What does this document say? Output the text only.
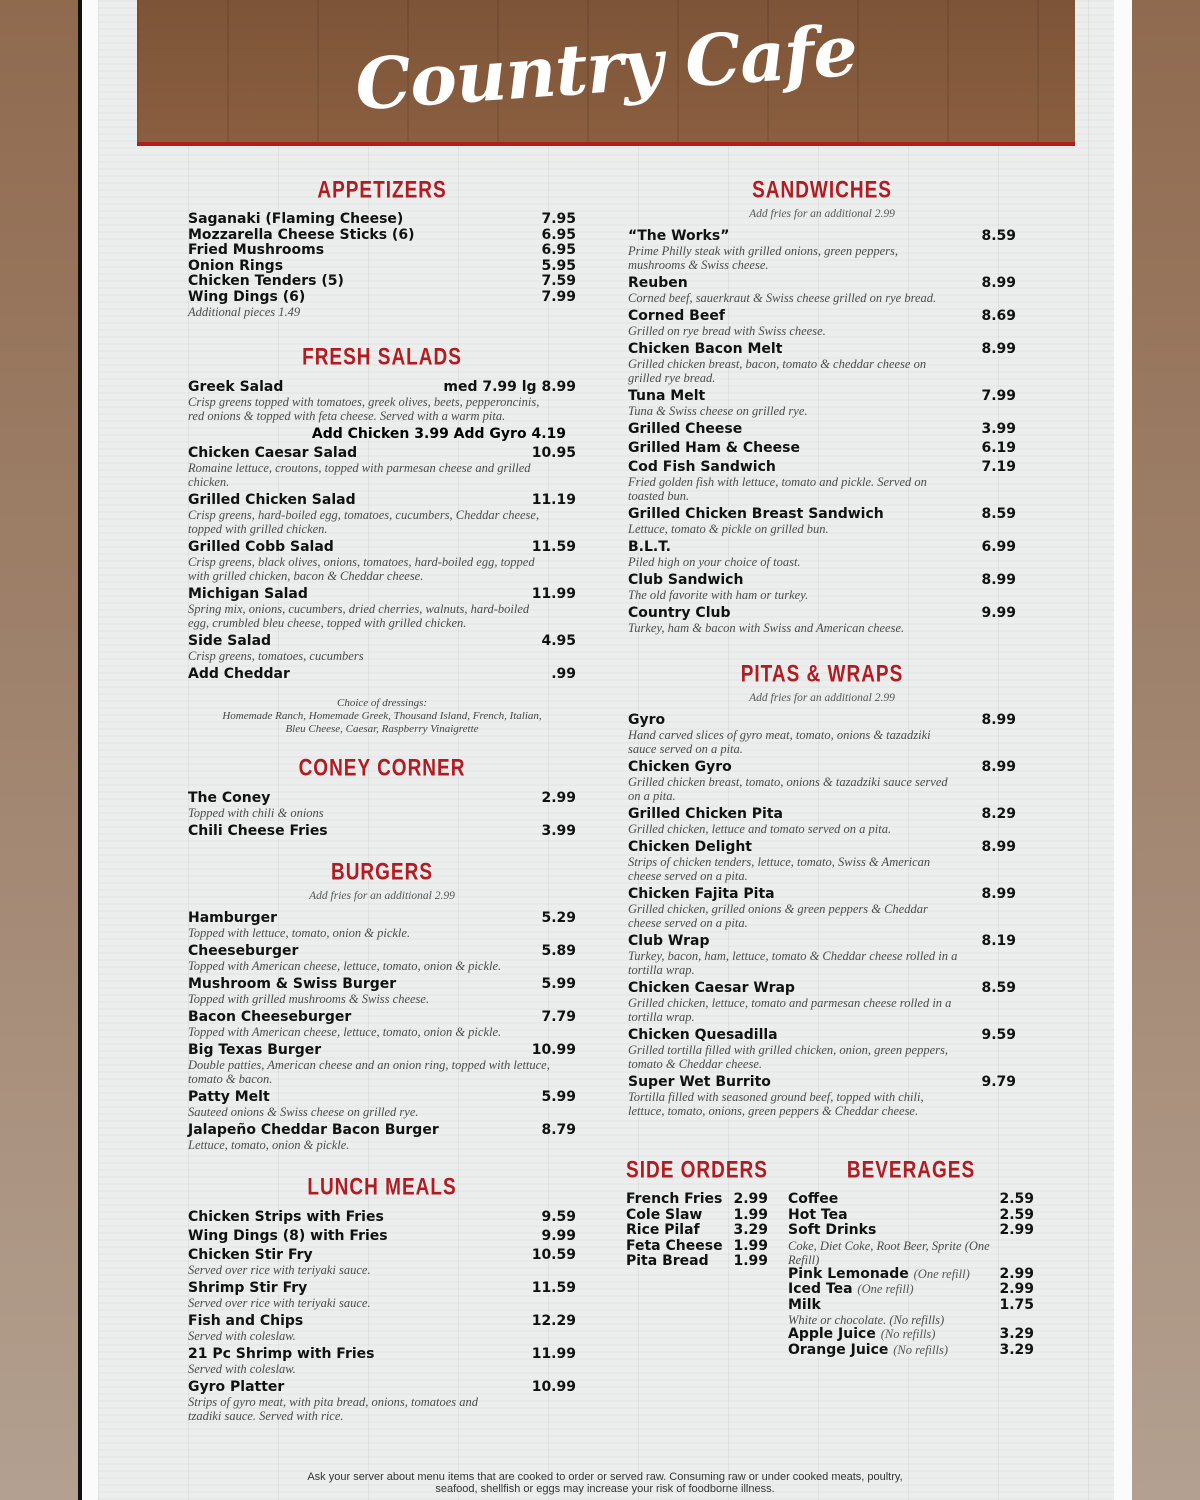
Country Cafe
APPETIZERS
Saganaki (Flaming Cheese)	7.95
Mozzarella Cheese Sticks (6)	6.95
Fried Mushrooms	6.95
Onion Rings	5.95
Chicken Tenders (5)	7.59
Wing Dings (6)	7.99
Additional pieces 1.49
FRESH SALADS
Greek Salad	med 7.99 lg 8.99
Crisp greens topped with tomatoes, greek olives, beets, pepperoncinis, red onions & topped with feta cheese. Served with a warm pita.
Add Chicken 3.99 Add Gyro 4.19
Chicken Caesar Salad	10.95
Romaine lettuce, croutons, topped with parmesan cheese and grilled chicken.
Grilled Chicken Salad	11.19
Crisp greens, hard-boiled egg, tomatoes, cucumbers, Cheddar cheese, topped with grilled chicken.
Grilled Cobb Salad	11.59
Crisp greens, black olives, onions, tomatoes, hard-boiled egg, topped with grilled chicken, bacon & Cheddar cheese.
Michigan Salad	11.99
Spring mix, onions, cucumbers, dried cherries, walnuts, hard-boiled egg, crumbled bleu cheese, topped with grilled chicken.
Side Salad	4.95
Crisp greens, tomatoes, cucumbers
Add Cheddar	.99
Choice of dressings:
Homemade Ranch, Homemade Greek, Thousand Island, French, Italian,
Bleu Cheese, Caesar, Raspberry Vinaigrette
CONEY CORNER
The Coney	2.99
Topped with chili & onions
Chili Cheese Fries	3.99
BURGERS
Add fries for an additional 2.99
Hamburger	5.29
Topped with lettuce, tomato, onion & pickle.
Cheeseburger	5.89
Topped with American cheese, lettuce, tomato, onion & pickle.
Mushroom & Swiss Burger	5.99
Topped with grilled mushrooms & Swiss cheese.
Bacon Cheeseburger	7.79
Topped with American cheese, lettuce, tomato, onion & pickle.
Big Texas Burger	10.99
Double patties, American cheese and an onion ring, topped with lettuce, tomato & bacon.
Patty Melt	5.99
Sauteed onions & Swiss cheese on grilled rye.
Jalapeño Cheddar Bacon Burger	8.79
Lettuce, tomato, onion & pickle.
LUNCH MEALS
Chicken Strips with Fries	9.59
Wing Dings (8) with Fries	9.99
Chicken Stir Fry	10.59
Served over rice with teriyaki sauce.
Shrimp Stir Fry	11.59
Served over rice with teriyaki sauce.
Fish and Chips	12.29
Served with coleslaw.
21 Pc Shrimp with Fries	11.99
Served with coleslaw.
Gyro Platter	10.99
Strips of gyro meat, with pita bread, onions, tomatoes and tzadiki sauce. Served with rice.
SANDWICHES
Add fries for an additional 2.99
“The Works”	8.59
Prime Philly steak with grilled onions, green peppers, mushrooms & Swiss cheese.
Reuben	8.99
Corned beef, sauerkraut & Swiss cheese grilled on rye bread.
Corned Beef	8.69
Grilled on rye bread with Swiss cheese.
Chicken Bacon Melt	8.99
Grilled chicken breast, bacon, tomato & cheddar cheese on grilled rye bread.
Tuna Melt	7.99
Tuna & Swiss cheese on grilled rye.
Grilled Cheese	3.99
Grilled Ham & Cheese	6.19
Cod Fish Sandwich	7.19
Fried golden fish with lettuce, tomato and pickle. Served on toasted bun.
Grilled Chicken Breast Sandwich	8.59
Lettuce, tomato & pickle on grilled bun.
B.L.T.	6.99
Piled high on your choice of toast.
Club Sandwich	8.99
The old favorite with ham or turkey.
Country Club	9.99
Turkey, ham & bacon with Swiss and American cheese.
PITAS & WRAPS
Add fries for an additional 2.99
Gyro	8.99
Hand carved slices of gyro meat, tomato, onions & tazadziki sauce served on a pita.
Chicken Gyro	8.99
Grilled chicken breast, tomato, onions & tazadziki sauce served on a pita.
Grilled Chicken Pita	8.29
Grilled chicken, lettuce and tomato served on a pita.
Chicken Delight	8.99
Strips of chicken tenders, lettuce, tomato, Swiss & American cheese served on a pita.
Chicken Fajita Pita	8.99
Grilled chicken, grilled onions & green peppers & Cheddar cheese served on a pita.
Club Wrap	8.19
Turkey, bacon, ham, lettuce, tomato & Cheddar cheese rolled in a tortilla wrap.
Chicken Caesar Wrap	8.59
Grilled chicken, lettuce, tomato and parmesan cheese rolled in a tortilla wrap.
Chicken Quesadilla	9.59
Grilled tortilla filled with grilled chicken, onion, green peppers, tomato & Cheddar cheese.
Super Wet Burrito	9.79
Tortilla filled with seasoned ground beef, topped with chili, lettuce, tomato, onions, green peppers & Cheddar cheese.
SIDE ORDERS
French Fries 2.99
Cole Slaw 1.99
Rice Pilaf 3.29
Feta Cheese 1.99
Pita Bread 1.99
BEVERAGES
Coffee	2.59
Hot Tea	2.59
Soft Drinks	2.99
Coke, Diet Coke, Root Beer, Sprite (One Refill)
Pink Lemonade (One refill) 2.99
Iced Tea (One refill)	2.99
Milk	1.75
White or chocolate. (No refills)
Apple Juice (No refills)	3.29
Orange Juice (No refills)	3.29
Ask your server about menu items that are cooked to order or served raw. Consuming raw or under cooked meats, poultry,
seafood, shellfish or eggs may increase your risk of foodborne illness.
